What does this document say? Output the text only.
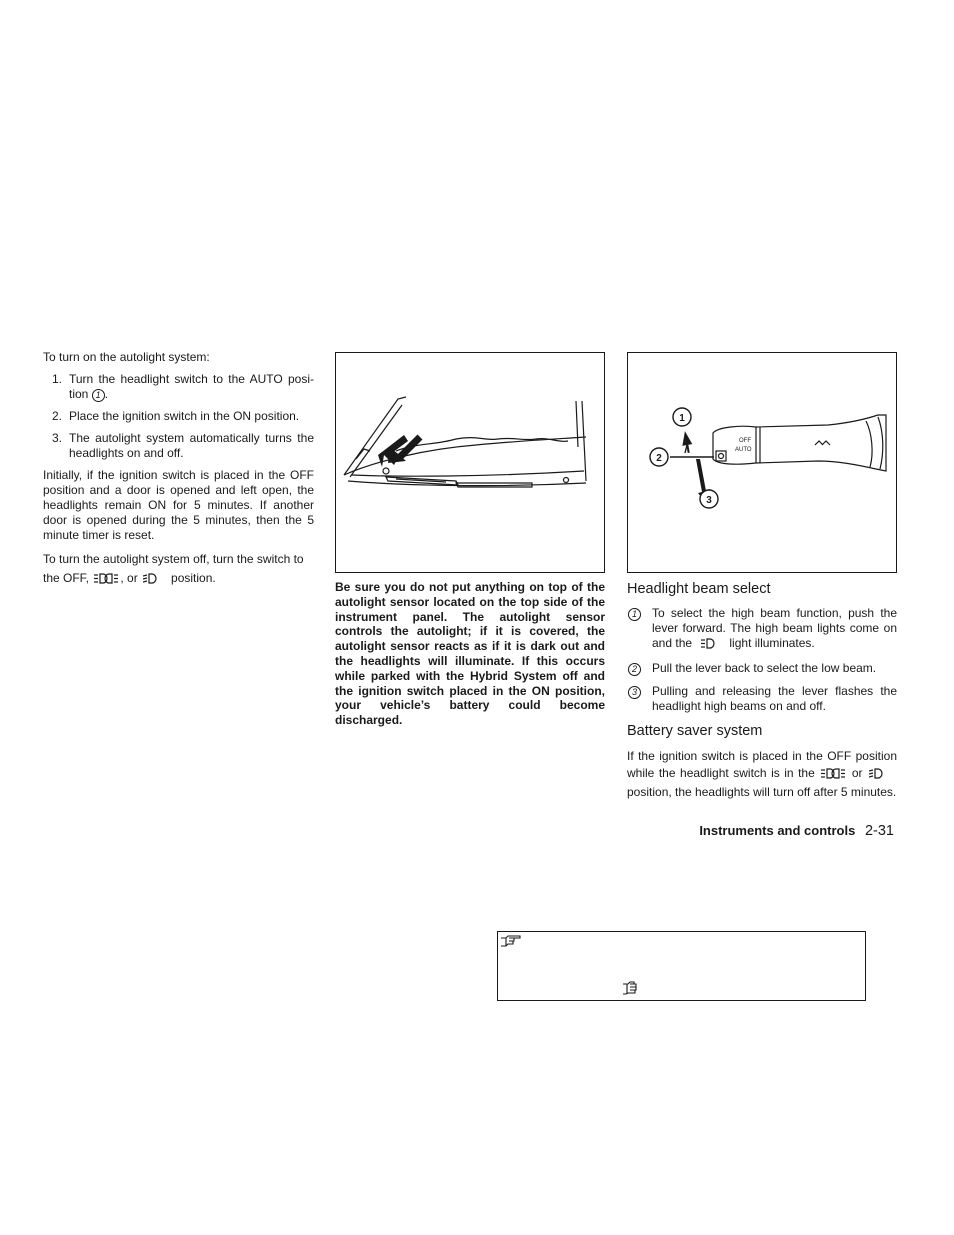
To turn on the autolight system:

1. Turn the headlight switch to the AUTO position 1 .
2. Place the ignition switch in the ON position.
3. The autolight system automatically turns the headlights on and off.

Initially, if the ignition switch is placed in the OFF position and a door is opened and left open, the headlights remain ON for 5 minutes. If another door is opened during the 5 minutes, then the 5 minute timer is reset.

To turn the autolight system off, turn the switch to the OFF,	, or	position.

Be sure you do not put anything on top of the autolight sensor located on the top side of the instrument panel. The autolight sensor controls the autolight; if it is covered, the autolight sensor reacts as if it is dark out and the headlights will illuminate. If this occurs while parked with the Hybrid System off and the ignition switch placed in the ON position, your vehicle’s battery could become discharged.

OFF
AUTO
1
2
3
Headlight beam select
1	To select the high beam function, push the lever forward. The high beam lights come on and the	light illuminates.
2	Pull the lever back to select the low beam.
3	Pulling and releasing the lever flashes the headlight high beams on and off.
Battery saver system

If the ignition switch is placed in the OFF position while the headlight switch is in the	or position, the headlights will turn off after 5 minutes.

Instruments and controls 2-31
